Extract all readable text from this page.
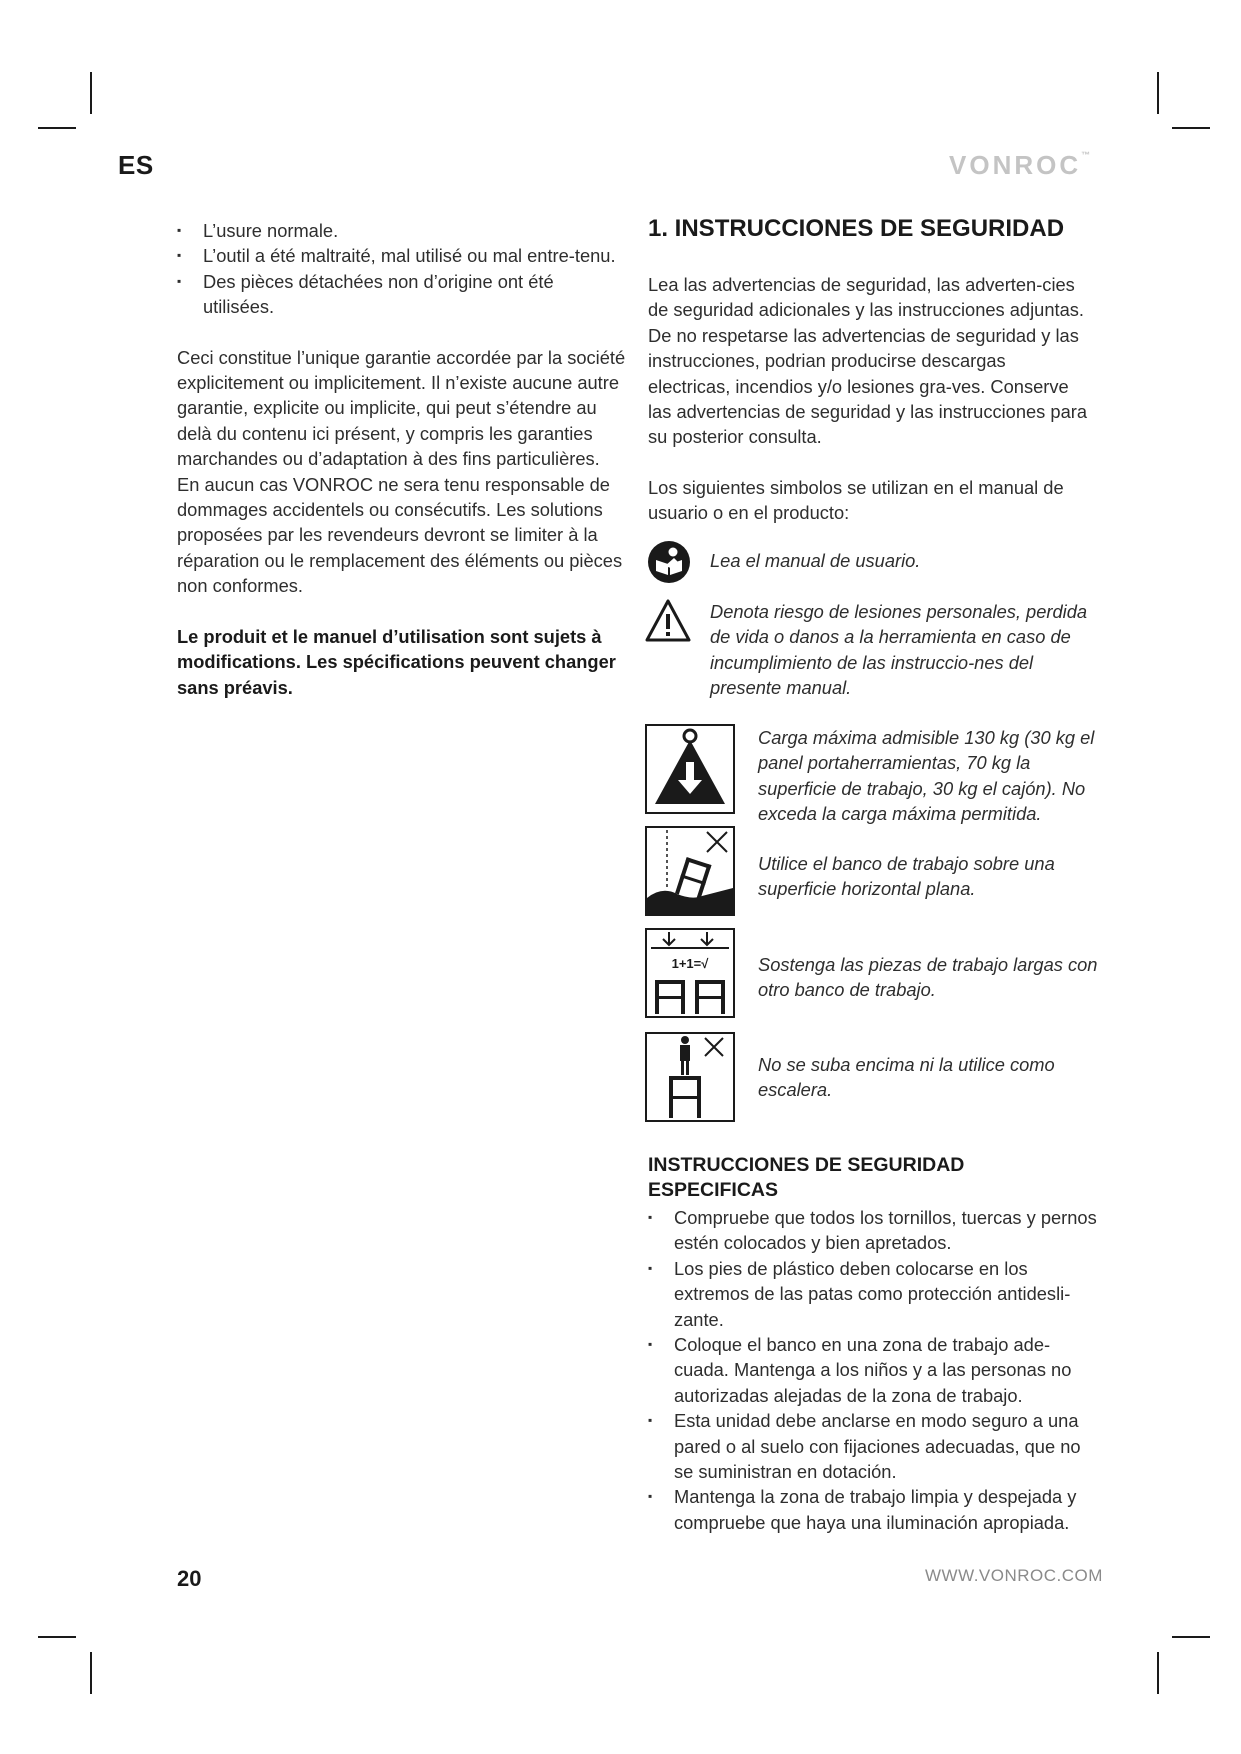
ES	VONROC™
▪ L’usure normale.
▪ L’outil a été maltraité, mal utilisé ou mal entre-tenu.
▪ Des pièces détachées non d’origine ont été utilisées.

Ceci constitue l’unique garantie accordée par la société explicitement ou implicitement. Il n’existe aucune autre garantie, explicite ou implicite, qui peut s’étendre au delà du contenu ici présent, y compris les garanties marchandes ou d’adaptation à des fins particulières. En aucun cas VONROC ne sera tenu responsable de dommages accidentels ou consécutifs. Les solutions proposées par les revendeurs devront se limiter à la réparation ou le remplacement des éléments ou pièces non conformes.

Le produit et le manuel d’utilisation sont sujets à modifications. Les spécifications peuvent changer sans préavis.

1. INSTRUCCIONES DE SEGURIDAD

Lea las advertencias de seguridad, las adverten-cies de seguridad adicionales y las instrucciones adjuntas. De no respetarse las advertencias de seguridad y las instrucciones, podrian producirse descargas electricas, incendios y/o lesiones gra-ves. Conserve las advertencias de seguridad y las instrucciones para su posterior consulta.

Los siguientes simbolos se utilizan en el manual de usuario o en el producto:

Lea el manual de usuario.
Denota riesgo de lesiones personales, perdida de vida o danos a la herramienta en caso de incumplimiento de las instruccio-nes del presente manual.
Carga máxima admisible 130 kg (30 kg el panel portaherramientas, 70 kg la superficie de trabajo, 30 kg el cajón). No exceda la carga máxima permitida.
Utilice el banco de trabajo sobre una superficie horizontal plana.
1+1=√	Sostenga las piezas de trabajo largas con otro banco de trabajo.
No se suba encima ni la utilice como escalera.
INSTRUCCIONES DE SEGURIDAD ESPECIFICAS
▪ Compruebe que todos los tornillos, tuercas y pernos estén colocados y bien apretados.
▪ Los pies de plástico deben colocarse en los extremos de las patas como protección antidesli-zante.
▪ Coloque el banco en una zona de trabajo ade-cuada. Mantenga a los niños y a las personas no autorizadas alejadas de la zona de trabajo.
▪ Esta unidad debe anclarse en modo seguro a una pared o al suelo con fijaciones adecuadas, que no se suministran en dotación.
▪ Mantenga la zona de trabajo limpia y despejada y compruebe que haya una iluminación apropiada.
20	WWW.VONROC.COM
